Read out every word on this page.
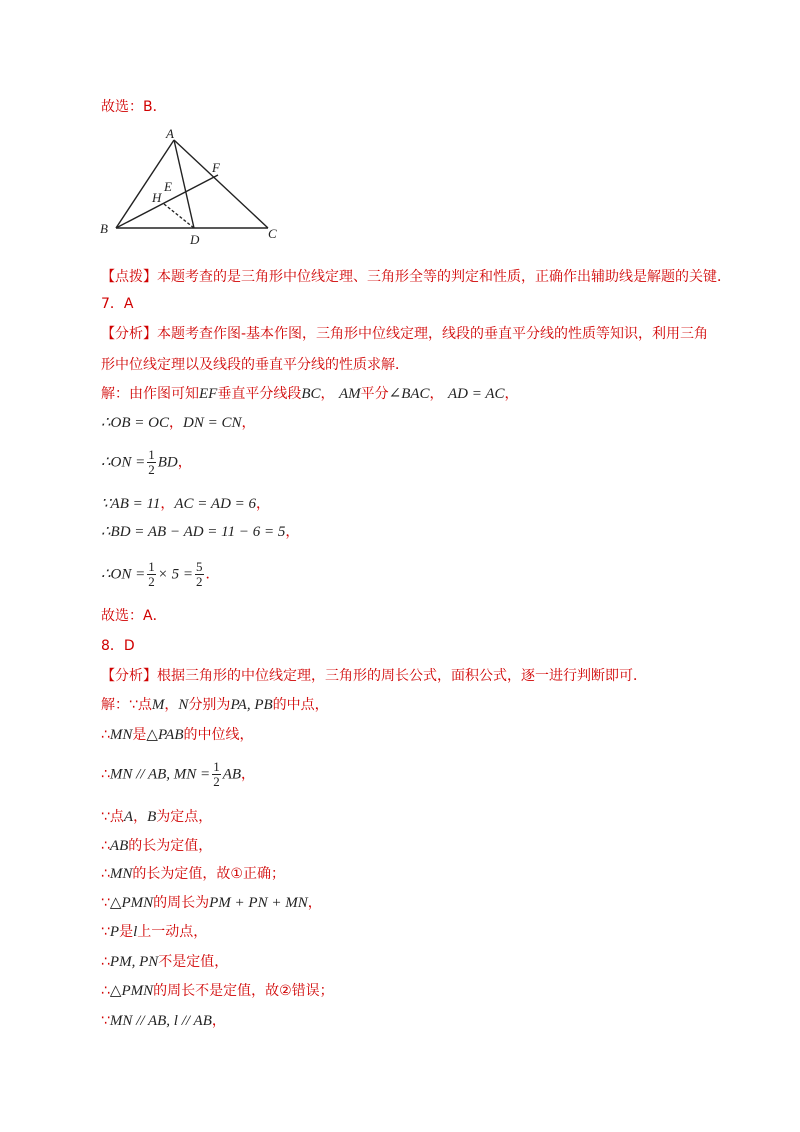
故选：B．
A
B	C
D
E
F
H
【点拨】本题考查的是三角形中位线定理、三角形全等的判定和性质，正确作出辅助线是解题的关键．
7．A
【分析】本题考查作图-基本作图，三角形中位线定理，线段的垂直平分线的性质等知识，利用三角
形中位线定理以及线段的垂直平分线的性质求解．
解：由作图可知EF垂直平分线段BC， AM平分∠BAC， AD = AC，
∴OB = OC，DN = CN，
∴ON = $\frac{1}{2}$ BD，
∵AB = 11，AC = AD = 6，
∴BD = AB − AD = 11 − 6 = 5，
∴ON = $\frac{1}{2} \times 5 = \frac{5}{2}$ ．
故选：A．
8．D
【分析】根据三角形的中位线定理，三角形的周长公式，面积公式，逐一进行判断即可．
解：∵点M，N分别为PA, PB的中点，
∴MN是△PAB的中位线，
∴MN // AB, MN = $\frac{1}{2}$ AB，
∵点A，B为定点，
∴AB的长为定值，
∴MN的长为定值，故①正确；
∵△PMN的周长为PM + PN + MN，
∵P是l上一动点，
∴PM, PN不是定值，
∴△PMN的周长不是定值，故②错误；
∵MN // AB, l // AB，
